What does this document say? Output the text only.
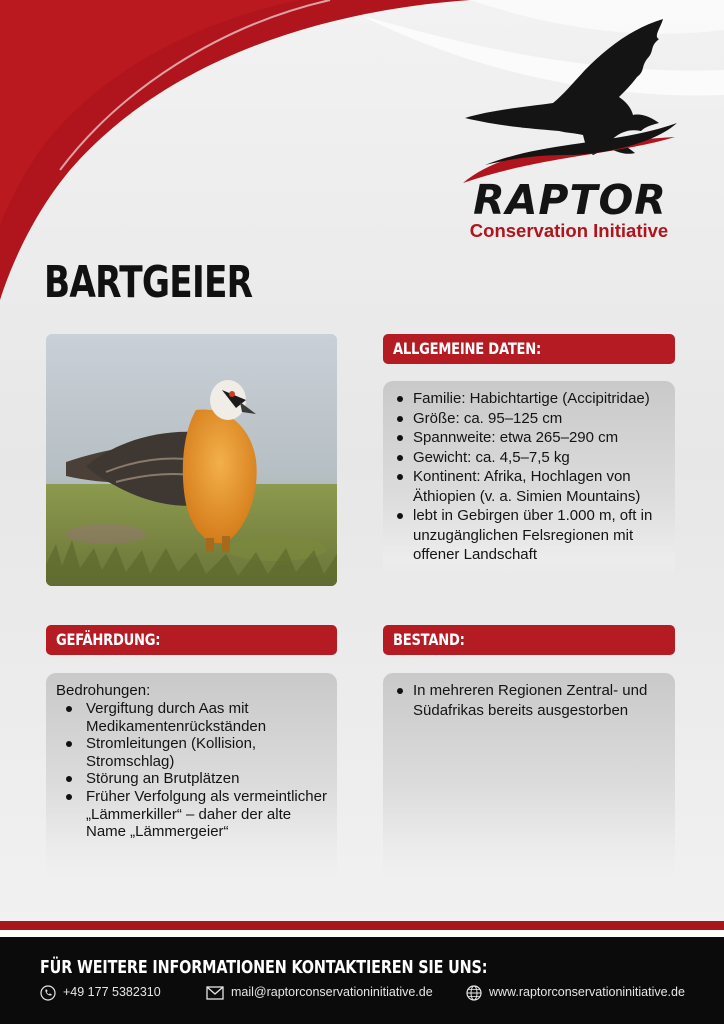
RAPTOR
Conservation Initiative
BARTGEIER
ALLGEMEINE DATEN:
Familie: Habichtartige (Accipitridae)
Größe: ca. 95–125 cm
Spannweite: etwa 265–290 cm
Gewicht: ca. 4,5–7,5 kg
Kontinent: Afrika, Hochlagen von Äthiopien (v. a. Simien Mountains)
lebt in Gebirgen über 1.000 m, oft in unzugänglichen Felsregionen mit offener Landschaft
GEFÄHRDUNG:
Bedrohungen:
Vergiftung durch Aas mit Medikamentenrückständen
Stromleitungen (Kollision, Stromschlag)
Störung an Brutplätzen
Früher Verfolgung als vermeintlicher „Lämmerkiller“ – daher der alte Name „Lämmergeier“
BESTAND:
In mehreren Regionen Zentral- und Südafrikas bereits ausgestorben
FÜR WEITERE INFORMATIONEN KONTAKTIEREN SIE UNS:
+49 177 5382310	mail@raptorconservationinitiative.de	www.raptorconservationinitiative.de
